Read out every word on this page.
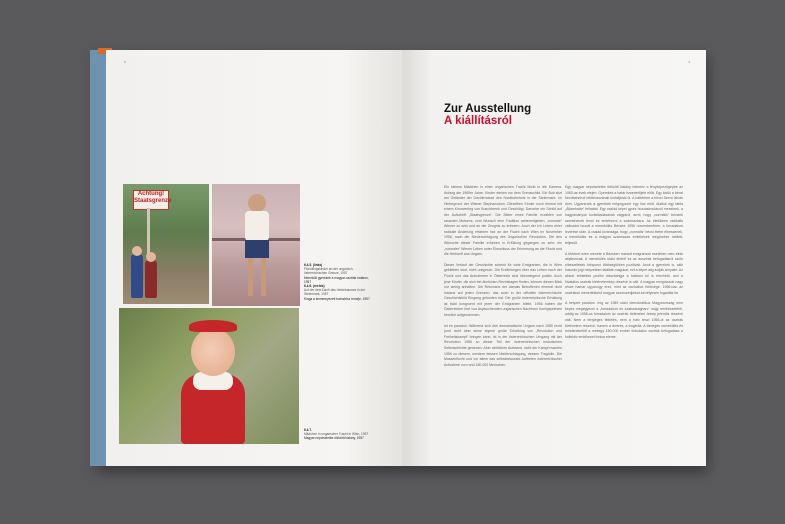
8
Achtung! Staatsgrenze
6.4.5. (links)
Flüchtlingskinder an der ungarisch-österreichischen Grenze, 1957
Menekült gyerekek a magyar-osztrák határon, 1957
6.4.6. (rechts)
Auf der dem Dach des Heidebaumes in der Steiermark, 1957
Kinga a kemeneyezeti tovisztész remeje, 1957
6.4.7.
Mädchen in ungarischer Tracht in Wien, 1957
Magyar népviseletbe öltözött kislány, 1957
9
Zur Ausstellung
A kiállításról

Ein kleines Mädchen in einer ungarischen Tracht blickt in die Kamera. Anfang der 1960er Jahre. Kinder stehen vor dem Grenzschild. Ein Bub sitzt am Geländer der Dachterrasse des Nordbahnhofs in der Steiermark. Im Hintergrund der Wiener Stephansdom. Dieselben Kinder noch einmal mit einem Kinowerbeg von Buschbrenk und Geschlägi. Darunter ein Schild auf der Aufschrift „Staatsgrenze“. Die Bilder eines Familie erzählen von rasanten Mutsens, vom Wunsch eine Tradition weitermitgeben, „normale“ Wiener zu sein und an der Zeugnis zu erinnern. Auch der Ich Leben einer radikale Änderung erfahren hat: an der Flucht nach Wien im November 1956, nach der Niederschlagung des Ungarischen Revolution. Die den Wünsche dieser Familie erfuhren in Erfüllung gegangen zu sein: ein „normaler“ Wiener Leben unter Einschluss der Erinnerung an die Flucht und die Herkunft aus Ungarn.

Dieser Verlauf der Geschichte scheint für viele Emigranten, die in Wien geblieben sind, nicht untypisch. Die Erzählungen über das Leben nach der Flucht und das Aufnahmen in Österreich sind überwiegend positiv. Auch jene Kinder, die sich bei ähnlichen Rechtslagen finden, können diesen Blick nur wenig anhalten. Die Resonanz der damals Betroffenen ehemal nicht Instanz auf jeden Grenzen, das auch in der offizielle österreichische Geschichtsbild Eingang gefunden hat. Die große österreichische Erhaltung ist bald kongruent mit jener der Emigranten bleibt. 1956 haben die Österreicher ihre von Asylsuchenden ungarischen Nachbarn hochgepriesen herzlich aufgenommen.

Ist es paradox: Während sich drei demokratische Ungarn nach 1989 recht (und nicht über seine eigene große Erhaltung von „Revolution und Freiheitskampf“ bringen kann, ist in der österreichischen Umgang mit der Revolution 1956 so dieser Teil der österreichischen historischen Selbstschichte gewesen. Aber wirklichen Aufstand, nicht der Kampf machen 1956 zu diesem, sondern dessen Niederschlagung, dessen Tragödie. Die Massenflucht und vor allem das selbstbewusste Auftreten österreichischer Aufnahme von rund 180.000 Menschen.

Egy magyar népviseletbe öltözött kislány belenéz a fényképezőgépbe az 1960-as évek elején. Gyerekek a határ ismertetőjele előtt. Egy kisfiú a bécsi Nordbahnhof tetőteraszának korlátjánál ül. A háttérben a bécsi Szent István dóm. Ugyanezek a gyerekek mégegyszer egy ház előtt. Alattuk egy tábla „Államhatár“ felirattal. Egy család képei gyors hozzásimulásról mesélnek, a hagyományok továbbadásának vágyáról, arról, hogy „normális“ bécsiek szeretnének lenni és emlékezni a származásra. Az életükben radikális változást hozott a menekülés Bécsbe 1956 novemberében, a forradalom leverése után. A család kívánsága, hogy „normális“ bécsi életet élhessenek, a menekülés és a magyar származás emlékének megőrzése mellett, teljesült.

A történet ezen menete a Bécsben maradt emigránsok esetében nem tűnik atipikusnak. A menekülés utáni életről és az ausztriai befogadásról szóló elbeszélések túlnyomó többségükben pozitívak. Azok a gyerekek is, akik hasonló jogi helyzetben találták magukat, ezt a képet alig tudják árnyalni. Az akkori érintettek pozitív visszhangja a határon túl is érezhető, ami a hivatalos osztrák történelemkép részévé is vált. A magyar emigránsok nagy része hamar ugyanúgy érez, mint az osztrákok többsége. 1956-ban az osztrákok menedékkérő magyar szomszédjaikat szívélyesen fogadták be.

A helyzet paradox: míg az 1989 utáni demokratikus Magyarország nem képes megegyezni a „forradalom és szabadságharc“ nagy emlékezetéről, addig az 1956-os forradalom az osztrák történelmi önkép jelentős részévé vált. Nem a tényleges felkelés, nem a harc teszi 1956-ot az osztrák történelem részévé, hanem a leverés, a tragédia. A tömeges menekülés és mindenekelőtt a mintegy 180.000 ember öntudatos osztrák befogadása a kollektív emlékezet fontos eleme.
